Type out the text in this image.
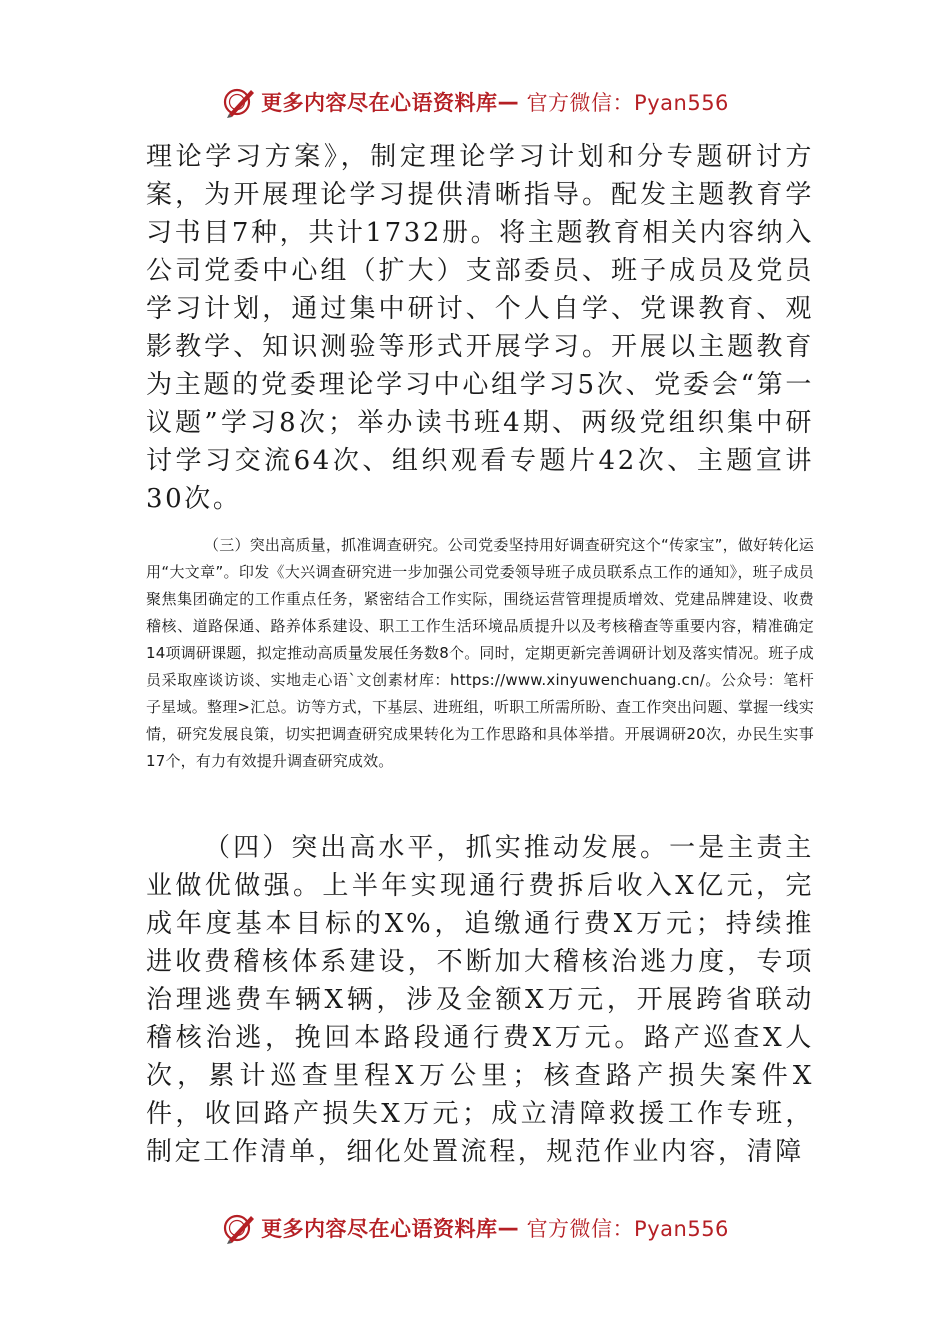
更多内容尽在心语资料库 — 官方微信：Pyan556

理论学习方案》，制定理论学习计划和分专题研讨方案，为开展理论学习提供清晰指导。配发主题教育学习书目7种，共计1732册。将主题教育相关内容纳入公司党委中心组（扩大）支部委员、班子成员及党员学习计划，通过集中研讨、个人自学、党课教育、观影教学、知识测验等形式开展学习。开展以主题教育为主题的党委理论学习中心组学习5次、党委会“第一议题”学习8次；举办读书班4期、两级党组织集中研讨学习交流64次、组织观看专题片42次、主题宣讲30次。

（三）突出高质量，抓准调查研究。公司党委坚持用好调查研究这个“传家宝”，做好转化运用“大文章”。印发《大兴调查研究进一步加强公司党委领导班子成员联系点工作的通知》，班子成员聚焦集团确定的工作重点任务，紧密结合工作实际，围绕运营管理提质增效、党建品牌建设、收费稽核、道路保通、路养体系建设、职工工作生活环境品质提升以及考核稽查等重要内容，精准确定14项调研课题，拟定推动高质量发展任务数8个。同时，定期更新完善调研计划及落实情况。班子成员采取座谈访谈、实地走心语`文创素材库：https://www.xinyuwenchuang.cn/。公众号：笔杆子星域。整理>汇总。访等方式，下基层、进班组，听职工所需所盼、查工作突出问题、掌握一线实情，研究发展良策，切实把调查研究成果转化为工作思路和具体举措。开展调研20次，办民生实事17个，有力有效提升调查研究成效。

（四）突出高水平，抓实推动发展。一是主责主业做优做强。上半年实现通行费拆后收入X亿元，完成年度基本目标的X%，追缴通行费X万元；持续推进收费稽核体系建设，不断加大稽核治逃力度，专项治理逃费车辆X辆，涉及金额X万元，开展跨省联动稽核治逃，挽回本路段通行费X万元。路产巡查X人次，累计巡查里程X万公里；核查路产损失案件X件，收回路产损失X万元；成立清障救援工作专班，制定工作清单，细化处置流程，规范作业内容，清障

更多内容尽在心语资料库 — 官方微信：Pyan556
